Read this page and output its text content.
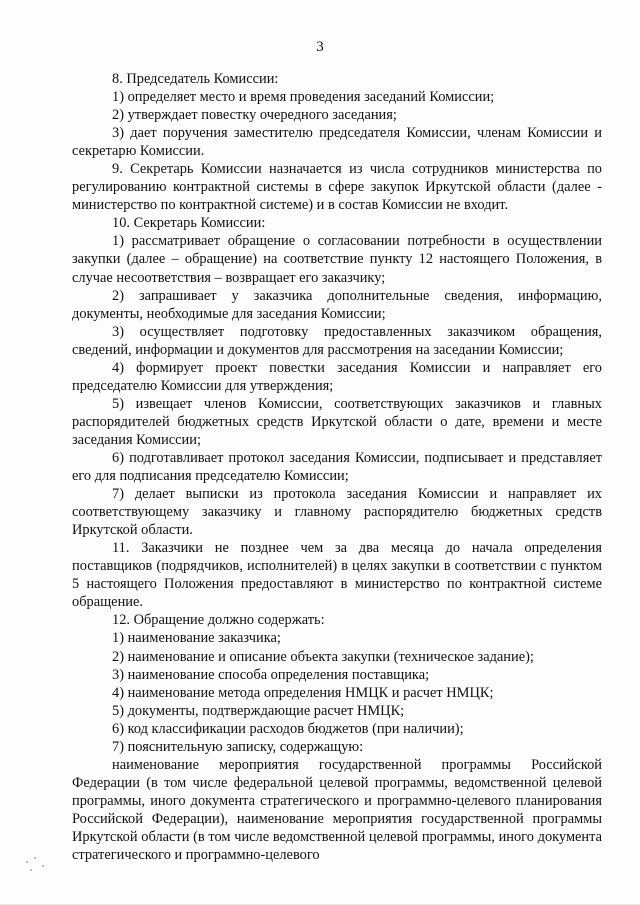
3

8. Председатель Комиссии:

1) определяет место и время проведения заседаний Комиссии;

2) утверждает повестку очередного заседания;

3) дает поручения заместителю председателя Комиссии, членам Комиссии и секретарю Комиссии.

9. Секретарь Комиссии назначается из числа сотрудников министерства по регулированию контрактной системы в сфере закупок Иркутской области (далее - министерство по контрактной системе) и в состав Комиссии не входит.

10. Секретарь Комиссии:

1) рассматривает обращение о согласовании потребности в осуществлении закупки (далее – обращение) на соответствие пункту 12 настоящего Положения, в случае несоответствия – возвращает его заказчику;

2) запрашивает у заказчика дополнительные сведения, информацию, документы, необходимые для заседания Комиссии;

3) осуществляет подготовку предоставленных заказчиком обращения, сведений, информации и документов для рассмотрения на заседании Комиссии;

4) формирует проект повестки заседания Комиссии и направляет его председателю Комиссии для утверждения;

5) извещает членов Комиссии, соответствующих заказчиков и главных распорядителей бюджетных средств Иркутской области о дате, времени и месте заседания Комиссии;

6) подготавливает протокол заседания Комиссии, подписывает и представляет его для подписания председателю Комиссии;

7) делает выписки из протокола заседания Комиссии и направляет их соответствующему заказчику и главному распорядителю бюджетных средств Иркутской области.

11. Заказчики не позднее чем за два месяца до начала определения поставщиков (подрядчиков, исполнителей) в целях закупки в соответствии с пунктом 5 настоящего Положения предоставляют в министерство по контрактной системе обращение.

12. Обращение должно содержать:

1) наименование заказчика;

2) наименование и описание объекта закупки (техническое задание);

3) наименование способа определения поставщика;

4) наименование метода определения НМЦК и расчет НМЦК;

5) документы, подтверждающие расчет НМЦК;

6) код классификации расходов бюджетов (при наличии);

7) пояснительную записку, содержащую:

наименование мероприятия государственной программы Российской Федерации (в том числе федеральной целевой программы, ведомственной целевой программы, иного документа стратегического и программно-целевого планирования Российской Федерации), наименование мероприятия государственной программы Иркутской области (в том числе ведомственной целевой программы, иного документа стратегического и программно-целевого
